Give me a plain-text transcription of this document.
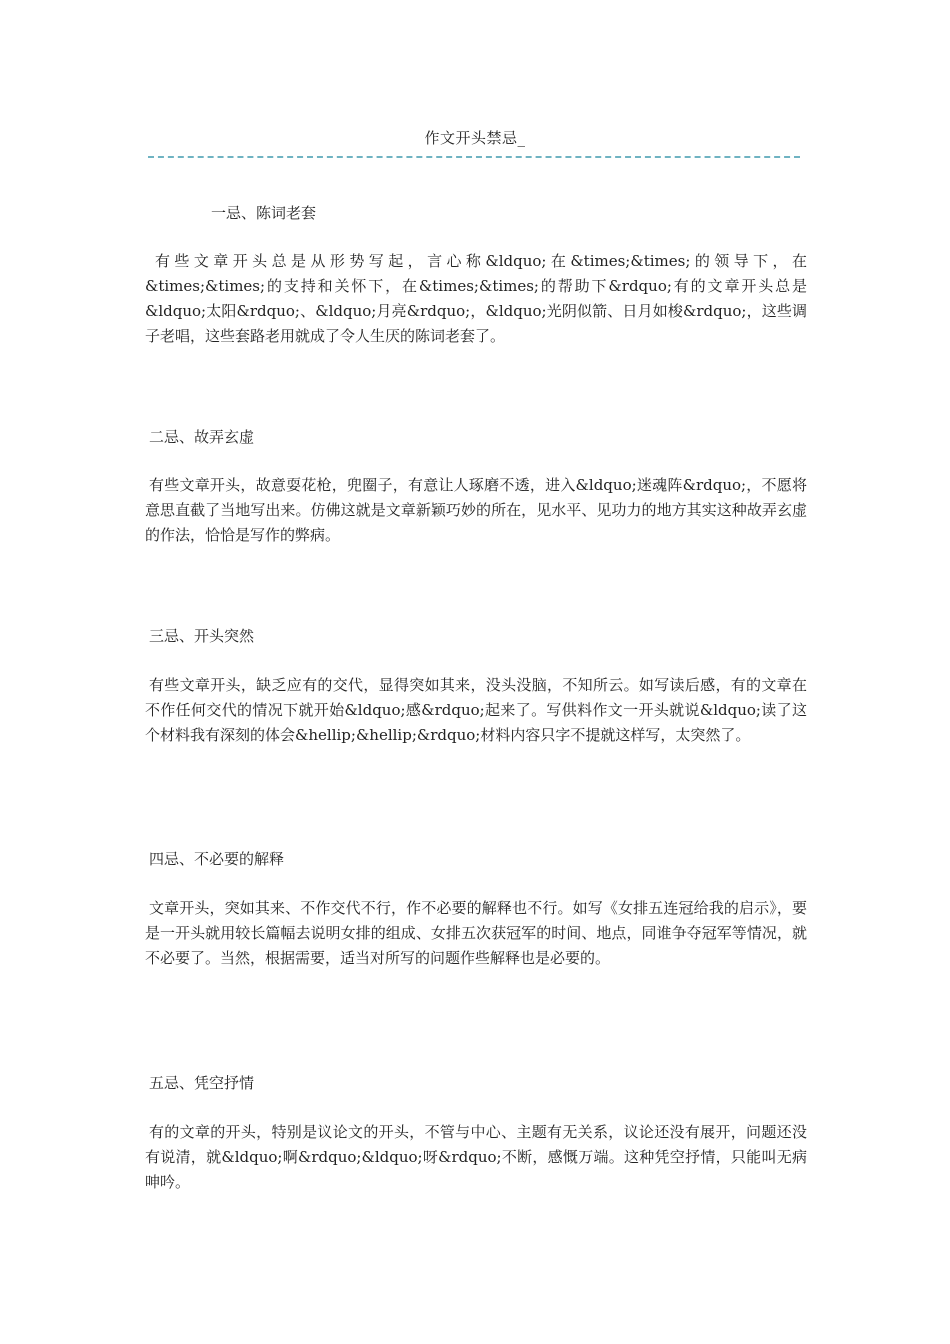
作文开头禁忌_
一忌、陈词老套

有些文章开头总是从形势写起，言心称&ldquo;在&times;&times;的领导下，在&times;&times;的支持和关怀下，在&times;&times;的帮助下&rdquo;有的文章开头总是&ldquo;太阳&rdquo;、&ldquo;月亮&rdquo;，&ldquo;光阴似箭、日月如梭&rdquo;，这些调子老唱，这些套路老用就成了令人生厌的陈词老套了。

二忌、故弄玄虚

有些文章开头，故意耍花枪，兜圈子，有意让人琢磨不透，进入&ldquo;迷魂阵&rdquo;，不愿将意思直截了当地写出来。仿佛这就是文章新颖巧妙的所在，见水平、见功力的地方其实这种故弄玄虚的作法，恰恰是写作的弊病。

三忌、开头突然

有些文章开头，缺乏应有的交代，显得突如其来，没头没脑，不知所云。如写读后感，有的文章在不作任何交代的情况下就开始&ldquo;感&rdquo;起来了。写供料作文一开头就说&ldquo;读了这个材料我有深刻的体会&hellip;&hellip;&rdquo;材料内容只字不提就这样写，太突然了。

四忌、不必要的解释

文章开头，突如其来、不作交代不行，作不必要的解释也不行。如写《女排五连冠给我的启示》，要是一开头就用较长篇幅去说明女排的组成、女排五次获冠军的时间、地点，同谁争夺冠军等情况，就不必要了。当然，根据需要，适当对所写的问题作些解释也是必要的。

五忌、凭空抒情

有的文章的开头，特别是议论文的开头，不管与中心、主题有无关系，议论还没有展开，问题还没有说清，就&ldquo;啊&rdquo;&ldquo;呀&rdquo;不断，感慨万端。这种凭空抒情，只能叫无病呻吟。
